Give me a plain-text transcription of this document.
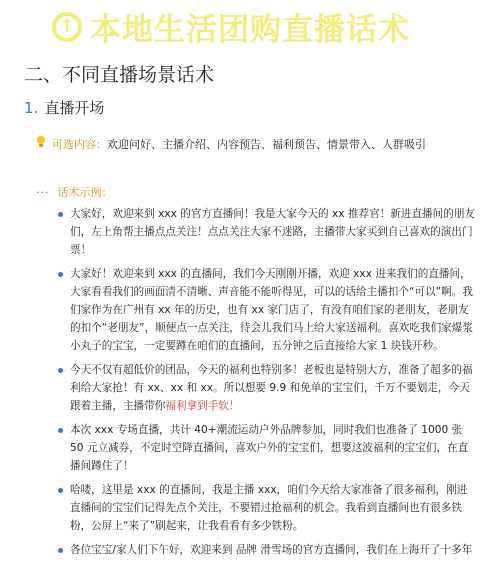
↑ 本地生活团购直播话术
二、不同直播场景话术
1. 直播开场
可选内容： 欢迎问好、主播介绍、内容预告、福利预告、情景带入、人群吸引
··· 话术示例：
大家好，欢迎来到 xxx 的官方直播间！我是大家今天的 xx 推荐官！新进直播间的朋友们，左上角帮主播点点关注！点点关注大家不迷路，主播带大家买到自己喜欢的演出门票！
大家好！欢迎来到 xxx 的直播间，我们今天刚刚开播，欢迎 xxx 进来我们的直播间，大家看看我们的画面清不清晰、声音能不能听得见，可以的话给主播扣个“可以”啊。我们家作为在广州有 xx 年的历史，也有 xx 家门店了，有没有咱们家的老朋友，老朋友的扣个“老朋友”，顺便点一点关注，待会儿我们马上给大家送福利。喜欢吃我们家爆浆小丸子的宝宝，一定要蹲在咱们的直播间，五分钟之后直接给大家 1 块钱开秒。
今天不仅有超低价的团品，今天的福利也特别多！老板也是特别大方，准备了超多的福利给大家抢！有 xx、xx 和 xx。所以想要 9.9 和免单的宝宝们，千万不要划走，今天跟着主播，主播带你福利拿到手软！
本次 xxx 专场直播，共计 40+潮流运动户外品牌参加，同时我们也准备了 1000 张 50 元立减券，不定时空降直播间，喜欢户外的宝宝们，想要这波福利的宝宝们，在直播间蹲住了！
哈喽，这里是 xxx 的直播间，我是主播 xxx，咱们今天给大家准备了很多福利，刚进直播间的宝宝们记得先点个关注，不要错过抢福利的机会。我看到直播间也有很多铁粉，公屏上“来了”刷起来，让我看看有多少铁粉。
各位宝宝/家人们下午好，欢迎来到 品牌 滑雪场的官方直播间，我们在上海开了十多年
